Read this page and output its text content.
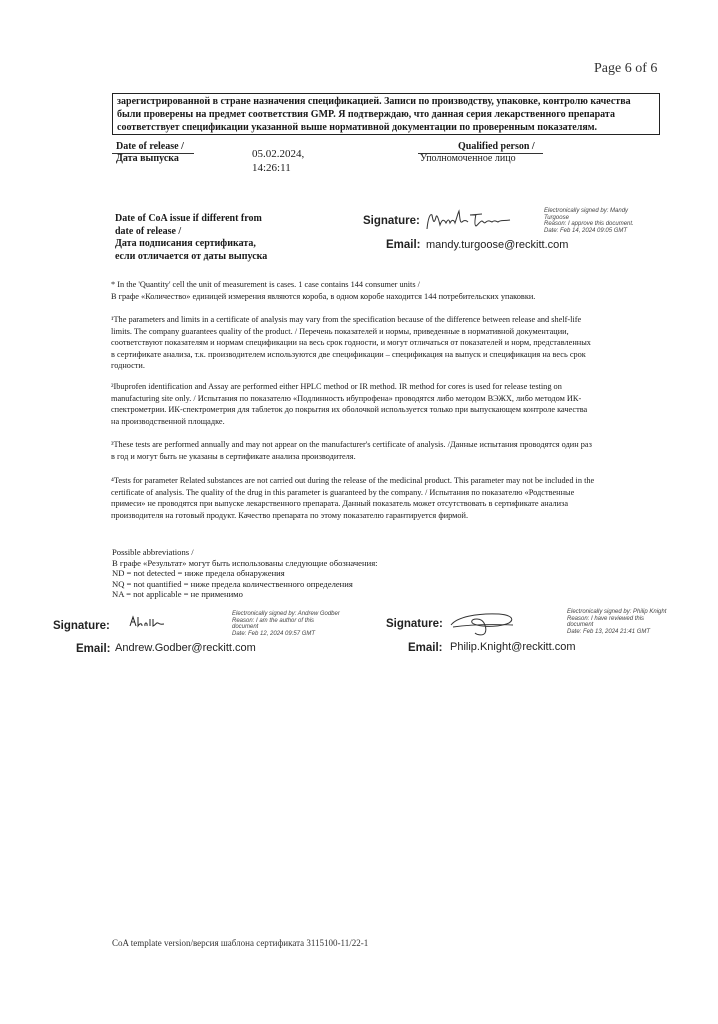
Page 6 of 6
зарегистрированной в стране назначения спецификацией. Записи по производству, упаковке, контролю качества
были проверены на предмет соответствия GMP. Я подтверждаю, что данная серия лекарственного препарата
соответствует спецификации указанной выше нормативной документации по проверенным показателям.
Date of release /
Дата выпуска	05.02.2024,
14:26:11
Qualified person /
Уполномоченное лицо
Date of CoA issue if different from
date of release /
Дата подписания сертификата,
если отличается от даты выпуска
Signature:
Electronically signed by: Mandy
Turgoose
Reason: I approve this document.
Date: Feb 14, 2024 09:05 GMT
Email: mandy.turgoose@reckitt.com
* In the 'Quantity' cell the unit of measurement is cases. 1 case contains 144 consumer units /
В графе «Количество» единицей измерения являются короба, в одном коробе находится 144 потребительских упаковки.
¹The parameters and limits in a certificate of analysis may vary from the specification because of the difference between release and shelf-life
limits. The company guarantees quality of the product. / Перечень показателей и нормы, приведенные в нормативной документации,
соответствуют показателям и нормам спецификации на весь срок годности, и могут отличаться от показателей и норм, представленных
в сертификате анализа, т.к. производителем используются две спецификации – спецификация на выпуск и спецификация на весь срок
годности.
²Ibuprofen identification and Assay are performed either HPLC method or IR method. IR method for cores is used for release testing on
manufacturing site only. / Испытания по показателю «Подлинность ибупрофена» проводятся либо методом ВЭЖХ, либо методом ИК-
спектрометрии. ИК-спектрометрия для таблеток до покрытия их оболочкой используется только при выпускающем контроле качества
на производственной площадке.
³These tests are performed annually and may not appear on the manufacturer's certificate of analysis. /Данные испытания проводятся один раз
в год и могут быть не указаны в сертификате анализа производителя.
⁴Tests for parameter Related substances are not carried out during the release of the medicinal product. This parameter may not be included in the
certificate of analysis. The quality of the drug in this parameter is guaranteed by the company. / Испытания по показателю «Родственные
примеси» не проводятся при выпуске лекарственного препарата. Данный показатель может отсутствовать в сертификате анализа
производителя на готовый продукт. Качество препарата по этому показателю гарантируется фирмой.
Possible abbreviations /
В графе «Результат» могут быть использованы следующие обозначения:
ND = not detected = ниже предела обнаружения
NQ = not quantified = ниже предела количественного определения
NA = not applicable = не применимо
Signature:
Electronically signed by: Andrew Godber
Reason: I am the author of this
document
Date: Feb 12, 2024 09:57 GMT
Email: Andrew.Godber@reckitt.com
Signature:
Electronically signed by: Philip Knight
Reason: I have reviewed this
document
Date: Feb 13, 2024 21:41 GMT
Email: Philip.Knight@reckitt.com
CoA template version/версия шаблона сертификата 3115100-11/22-1
